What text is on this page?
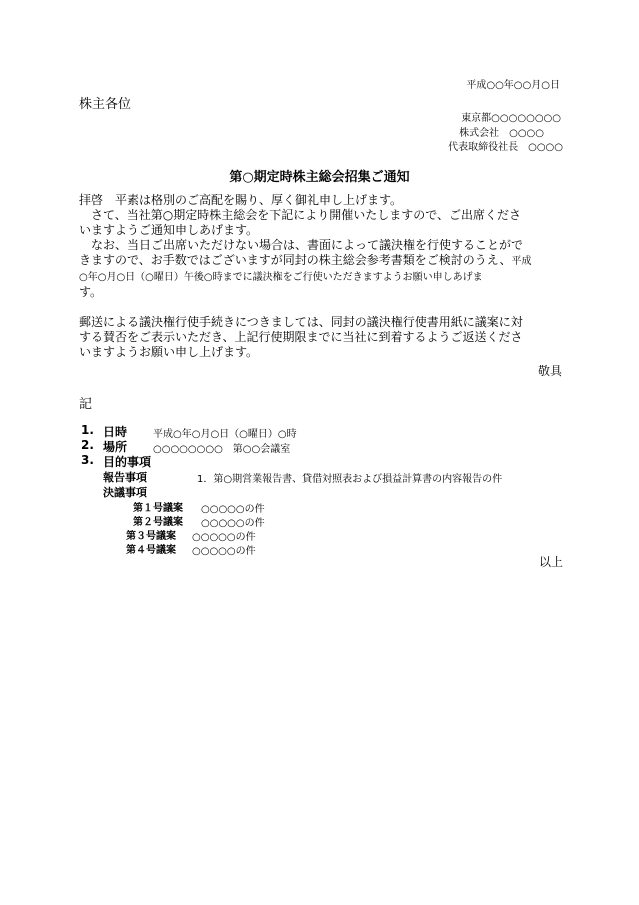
平成○○年○○月○日
株主各位
東京都○○○○○○○○
株式会社　○○○○
代表取締役社長　○○○○
第○期定時株主総会招集ご通知

拝啓　平素は格別のご高配を賜り、厚く御礼申し上げます。

　さて、当社第○期定時株主総会を下記により開催いたしますので、ご出席くださ

いますようご通知申しあげます。

　なお、当日ご出席いただけない場合は、書面によって議決権を行使することがで

きますので、お手数ではございますが同封の株主総会参考書類をご検討のうえ、平成

○年○月○日（○曜日）午後○時までに議決権をご行使いただきますようお願い申しあげま

す。

郵送による議決権行使手続きにつきましては、同封の議決権行使書用紙に議案に対

する賛否をご表示いただき、上記行使期限までに当社に到着するようご返送くださ

いますようお願い申し上げます。

敬具
記
1. 日時	平成○年○月○日（○曜日）○時
2. 場所	○○○○○○○○　第○○会議室
3. 目的事項
報告事項	1．第○期営業報告書、貸借対照表および損益計算書の内容報告の件
決議事項
第１号議案 ○○○○○の件
第２号議案 ○○○○○の件
第３号議案 ○○○○○の件
第４号議案 ○○○○○の件
以上
